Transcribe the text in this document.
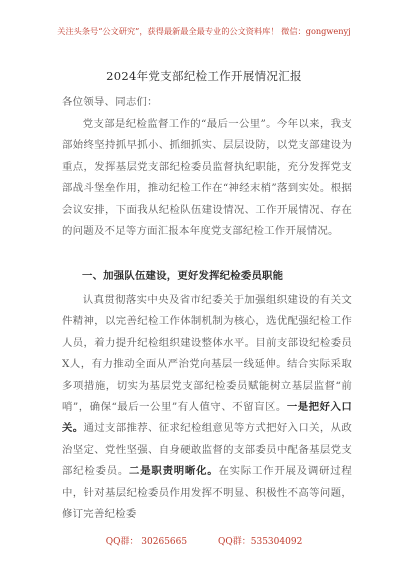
关注头条号“公文研究”，获得最新最全最专业的公文资料库！ 微信：gongwenyj
2024年党支部纪检工作开展情况汇报
各位领导、同志们：
党支部是纪检监督工作的“最后一公里”。今年以来，我支部始终坚持抓早抓小、抓细抓实、层层设防，以党支部建设为重点，发挥基层党支部纪检委员监督执纪职能，充分发挥党支部战斗堡垒作用，推动纪检工作在“神经末梢”落到实处。根据会议安排，下面我从纪检队伍建设情况、工作开展情况、存在的问题及不足等方面汇报本年度党支部纪检工作开展情况。
一、加强队伍建设，更好发挥纪检委员职能
认真贯彻落实中央及省市纪委关于加强组织建设的有关文件精神，以完善纪检工作体制机制为核心，选优配强纪检工作人员，着力提升纪检组织建设整体水平。目前支部设纪检委员X人，有力推动全面从严治党向基层一线延伸。结合实际采取多项措施，切实为基层党支部纪检委员赋能树立基层监督“前哨”，确保“最后一公里”有人值守、不留盲区。一是把好入口关。通过支部推荐、征求纪检组意见等方式把好入口关，从政治坚定、党性坚强、自身硬敢监督的支部委员中配备基层党支部纪检委员。二是职责明晰化。在实际工作开展及调研过程中，针对基层纪检委员作用发挥不明显、积极性不高等问题，修订完善纪检委
QQ群： 30265665	QQ群：535304092
